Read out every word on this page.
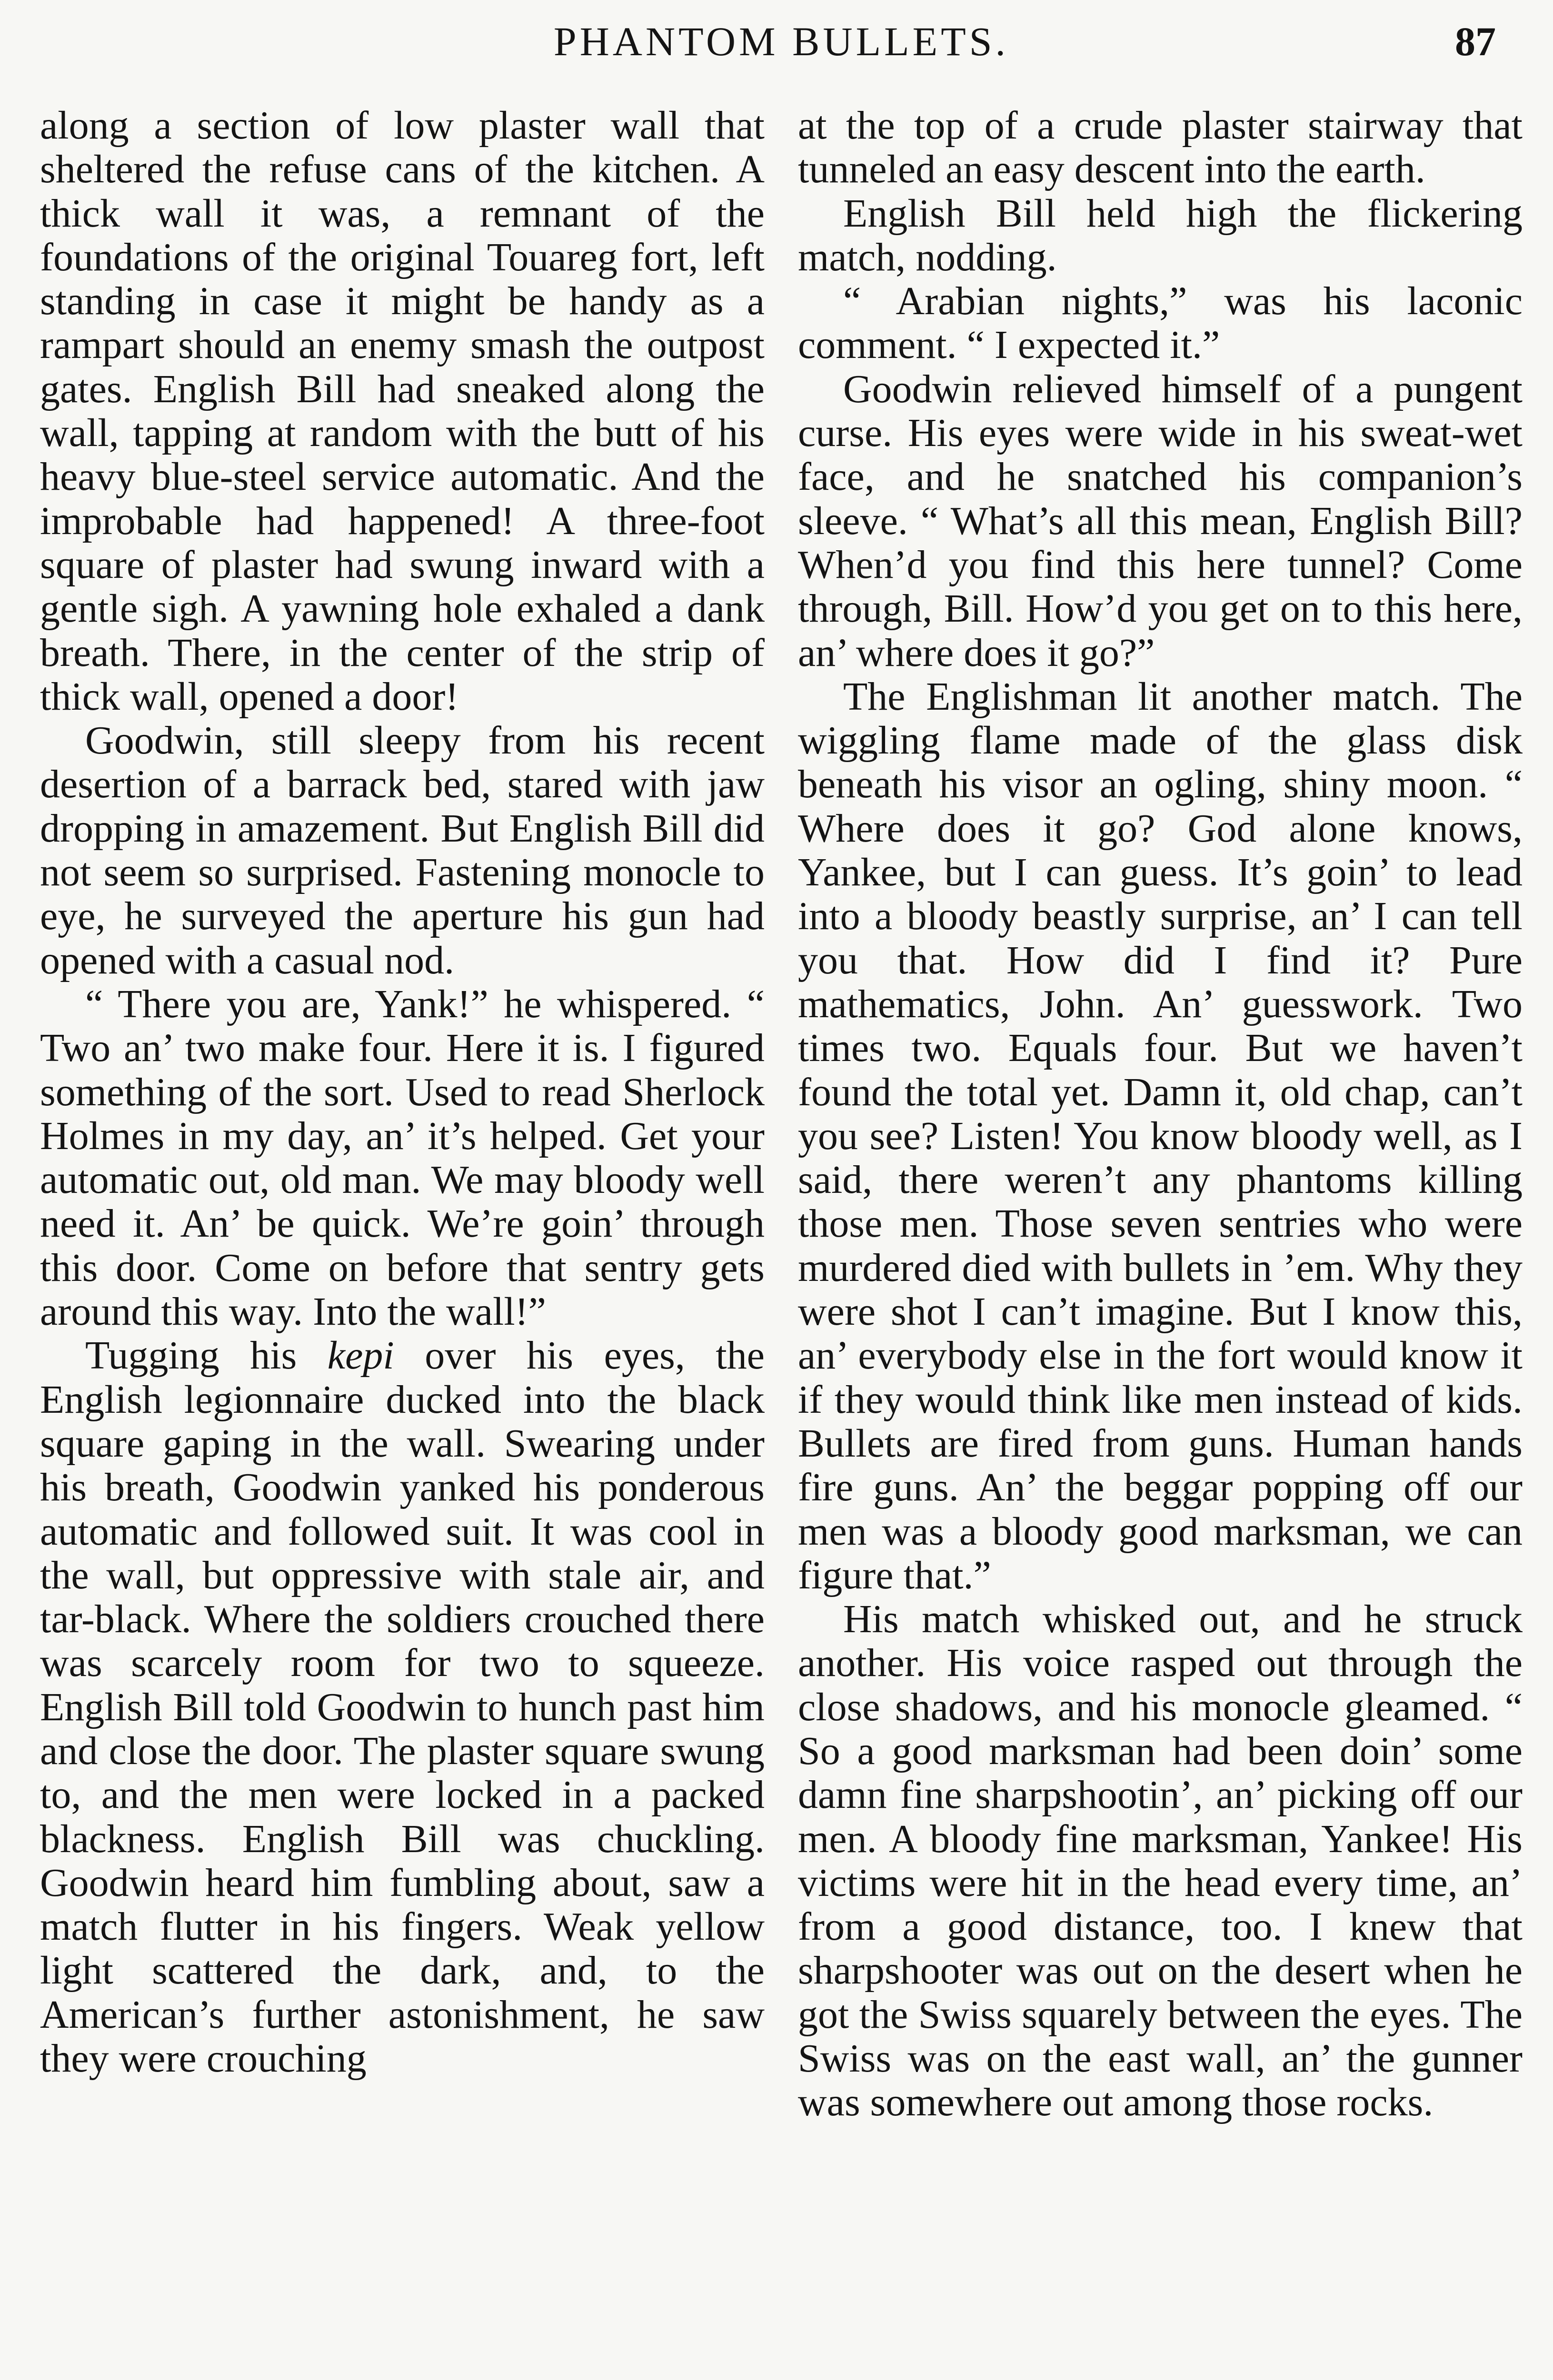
PHANTOM BULLETS.	87

along a section of low plaster wall that sheltered the refuse cans of the kitchen. A thick wall it was, a remnant of the foundations of the original Touareg fort, left standing in case it might be handy as a rampart should an enemy smash the outpost gates. English Bill had sneaked along the wall, tapping at random with the butt of his heavy blue-steel service automatic. And the improbable had happened! A three-foot square of plaster had swung inward with a gentle sigh. A yawning hole exhaled a dank breath. There, in the center of the strip of thick wall, opened a door!

Goodwin, still sleepy from his recent desertion of a barrack bed, stared with jaw dropping in amazement. But English Bill did not seem so surprised. Fastening monocle to eye, he surveyed the aperture his gun had opened with a casual nod.

“ There you are, Yank!” he whispered. “ Two an’ two make four. Here it is. I figured something of the sort. Used to read Sherlock Holmes in my day, an’ it’s helped. Get your automatic out, old man. We may bloody well need it. An’ be quick. We’re goin’ through this door. Come on before that sentry gets around this way. Into the wall!”

Tugging his kepi over his eyes, the English legionnaire ducked into the black square gaping in the wall. Swearing under his breath, Goodwin yanked his ponderous automatic and followed suit. It was cool in the wall, but oppressive with stale air, and tar-black. Where the soldiers crouched there was scarcely room for two to squeeze. English Bill told Goodwin to hunch past him and close the door. The plaster square swung to, and the men were locked in a packed blackness. English Bill was chuckling. Goodwin heard him fumbling about, saw a match flutter in his fingers. Weak yellow light scattered the dark, and, to the American’s further astonishment, he saw they were crouching

at the top of a crude plaster stairway that tunneled an easy descent into the earth.

English Bill held high the flickering match, nodding.

“ Arabian nights,” was his laconic comment. “ I expected it.”

Goodwin relieved himself of a pungent curse. His eyes were wide in his sweat-wet face, and he snatched his companion’s sleeve. “ What’s all this mean, English Bill? When’d you find this here tunnel? Come through, Bill. How’d you get on to this here, an’ where does it go?”

The Englishman lit another match. The wiggling flame made of the glass disk beneath his visor an ogling, shiny moon. “ Where does it go? God alone knows, Yankee, but I can guess. It’s goin’ to lead into a bloody beastly surprise, an’ I can tell you that. How did I find it? Pure mathematics, John. An’ guesswork. Two times two. Equals four. But we haven’t found the total yet. Damn it, old chap, can’t you see? Listen! You know bloody well, as I said, there weren’t any phantoms killing those men. Those seven sentries who were murdered died with bullets in ’em. Why they were shot I can’t imagine. But I know this, an’ everybody else in the fort would know it if they would think like men instead of kids. Bullets are fired from guns. Human hands fire guns. An’ the beggar popping off our men was a bloody good marksman, we can figure that.”

His match whisked out, and he struck another. His voice rasped out through the close shadows, and his monocle gleamed. “ So a good marksman had been doin’ some damn fine sharpshootin’, an’ picking off our men. A bloody fine marksman, Yankee! His victims were hit in the head every time, an’ from a good distance, too. I knew that sharpshooter was out on the desert when he got the Swiss squarely between the eyes. The Swiss was on the east wall, an’ the gunner was somewhere out among those rocks.
